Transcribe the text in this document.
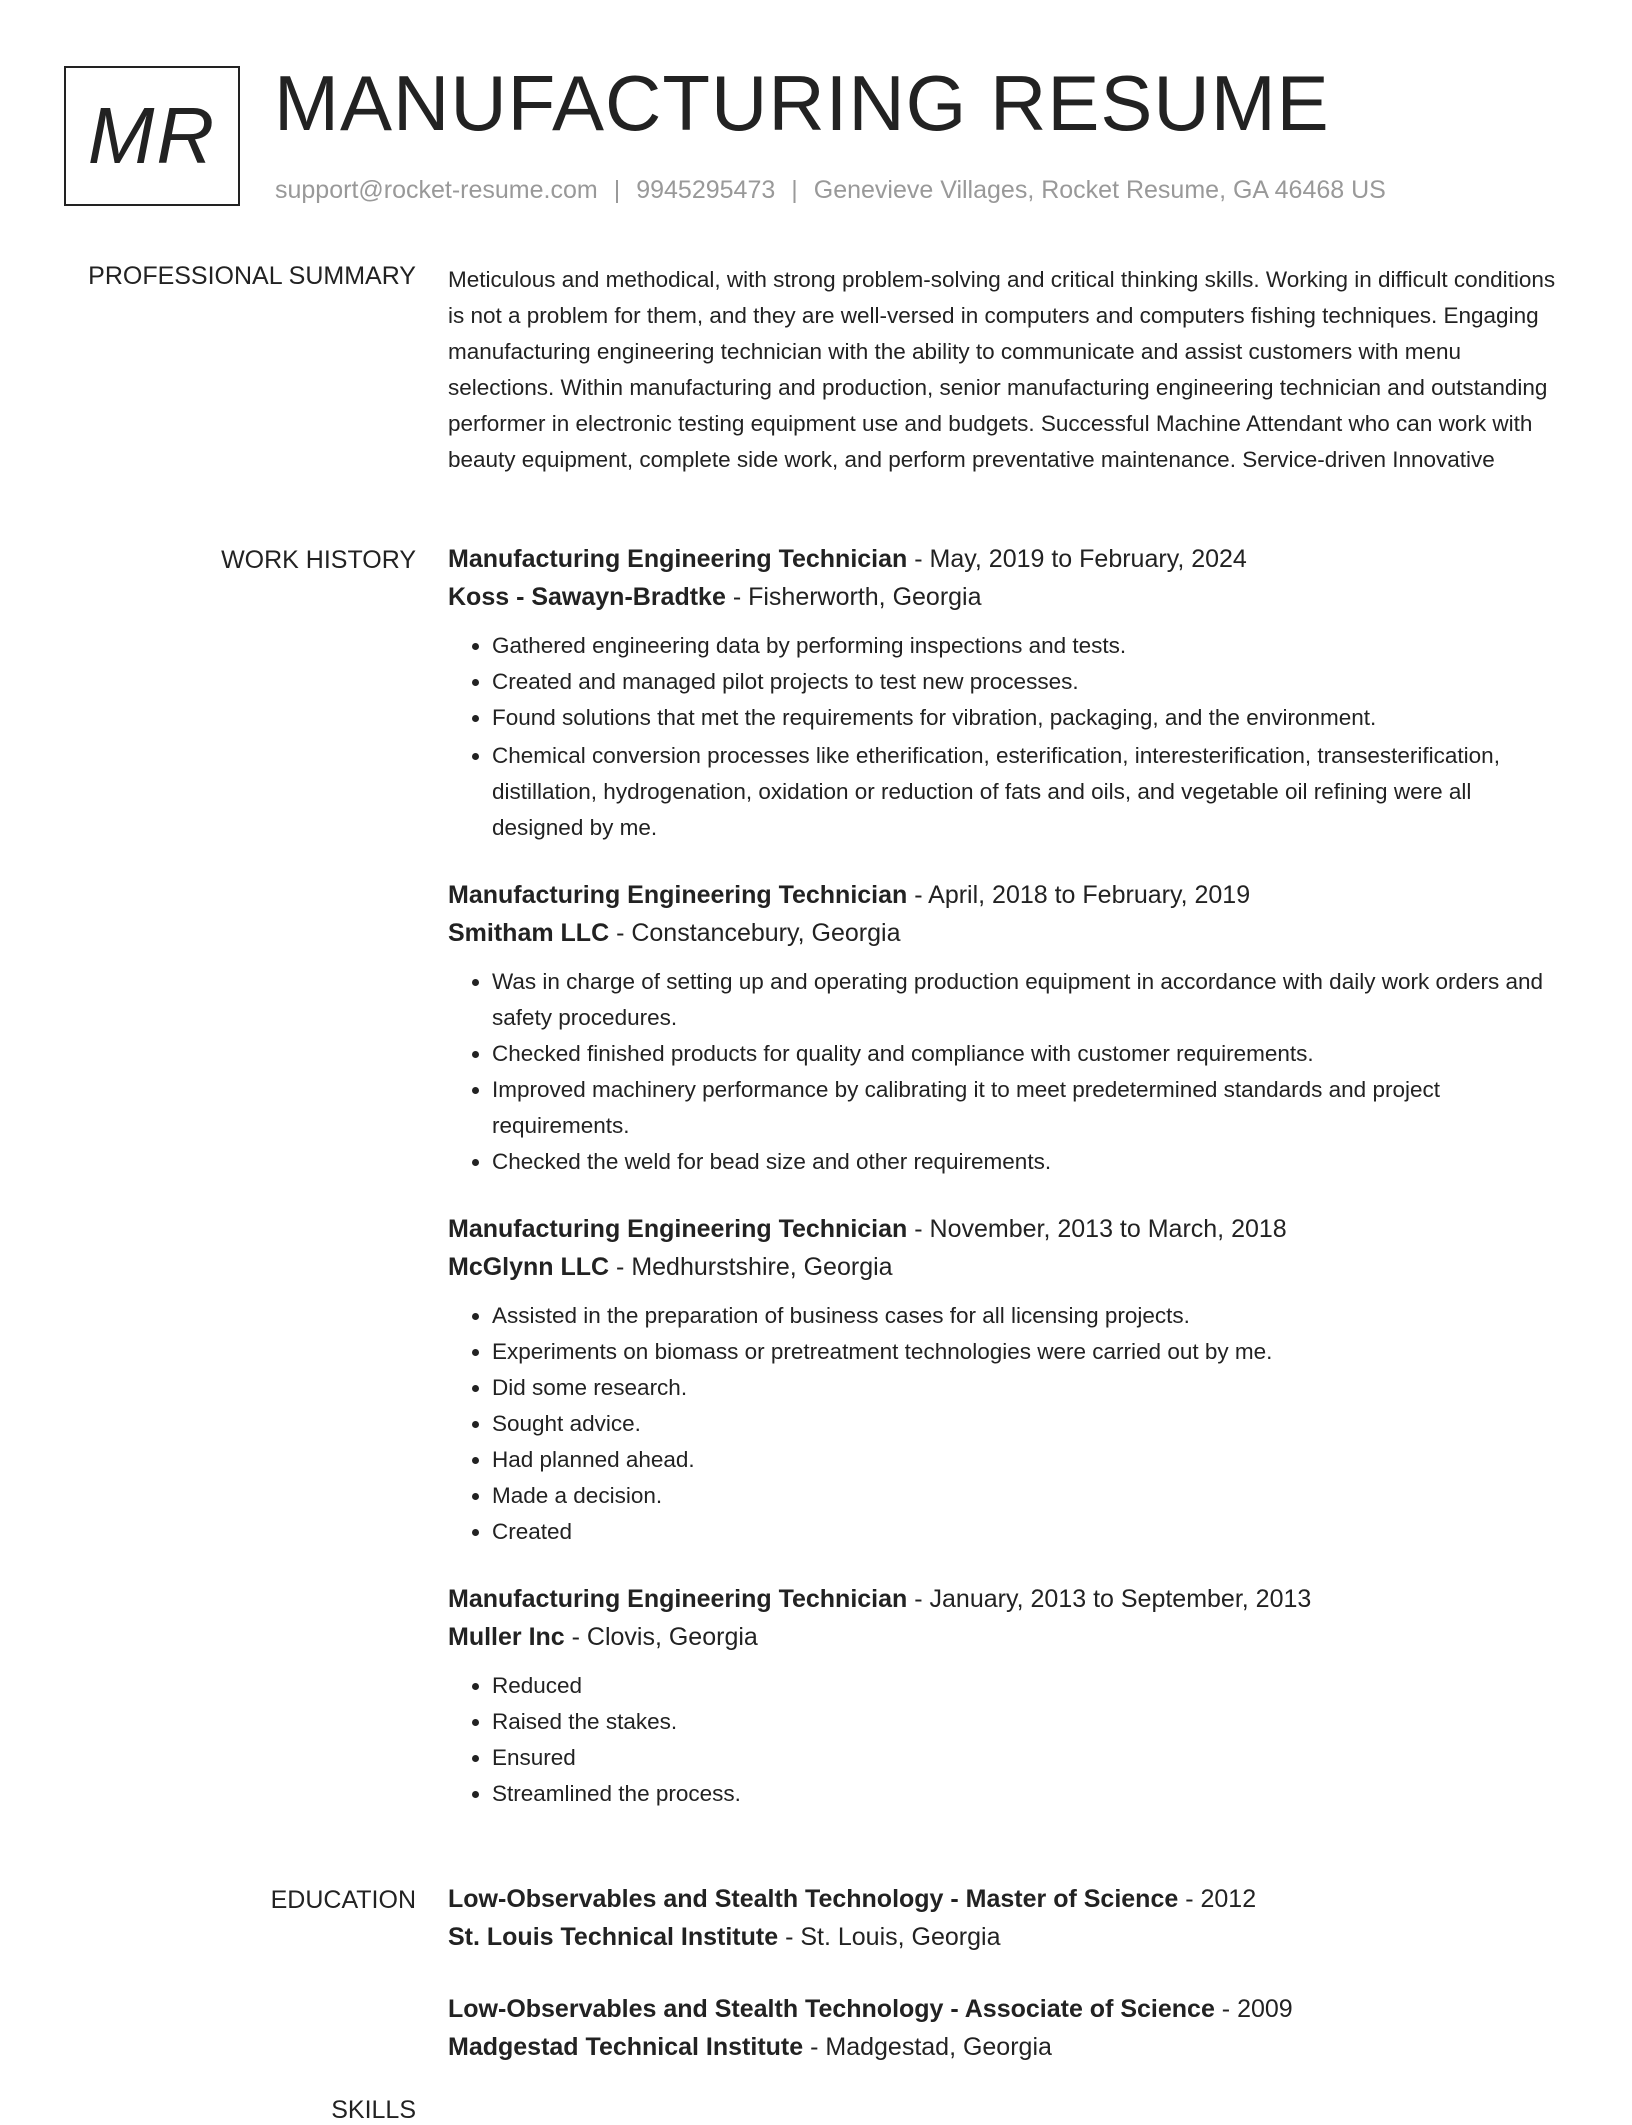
MR MANUFACTURING RESUME
support@rocket-resume.com | 9945295473 | Genevieve Villages, Rocket Resume, GA 46468 US
PROFESSIONAL SUMMARY Meticulous and methodical, with strong problem-solving and critical thinking skills. Working in difficult conditions is not a problem for them, and they are well-versed in computers and computers fishing techniques. Engaging manufacturing engineering technician with the ability to communicate and assist customers with menu selections. Within manufacturing and production, senior manufacturing engineering technician and outstanding performer in electronic testing equipment use and budgets. Successful Machine Attendant who can work with beauty equipment, complete side work, and perform preventative maintenance. Service-driven Innovative

WORK HISTORY Manufacturing Engineering Technician - May, 2019 to February, 2024
Koss - Sawayn-Bradtke - Fisherworth, Georgia
• Gathered engineering data by performing inspections and tests.
• Created and managed pilot projects to test new processes.
• Found solutions that met the requirements for vibration, packaging, and the environment.
• Chemical conversion processes like etherification, esterification, interesterification, transesterification, distillation, hydrogenation, oxidation or reduction of fats and oils, and vegetable oil refining were all designed by me.
Manufacturing Engineering Technician - April, 2018 to February, 2019
Smitham LLC - Constancebury, Georgia
• Was in charge of setting up and operating production equipment in accordance with daily work orders and safety procedures.
• Checked finished products for quality and compliance with customer requirements.
• Improved machinery performance by calibrating it to meet predetermined standards and project requirements.
• Checked the weld for bead size and other requirements.
Manufacturing Engineering Technician - November, 2013 to March, 2018
McGlynn LLC - Medhurstshire, Georgia
• Assisted in the preparation of business cases for all licensing projects.
• Experiments on biomass or pretreatment technologies were carried out by me.
• Did some research.
• Sought advice.
• Had planned ahead.
• Made a decision.
• Created
Manufacturing Engineering Technician - January, 2013 to September, 2013
Muller Inc - Clovis, Georgia
• Reduced
• Raised the stakes.
• Ensured
• Streamlined the process.
EDUCATION Low-Observables and Stealth Technology - Master of Science - 2012
St. Louis Technical Institute - St. Louis, Georgia
Low-Observables and Stealth Technology - Associate of Science - 2009
Madgestad Technical Institute - Madgestad, Georgia
SKILLS
